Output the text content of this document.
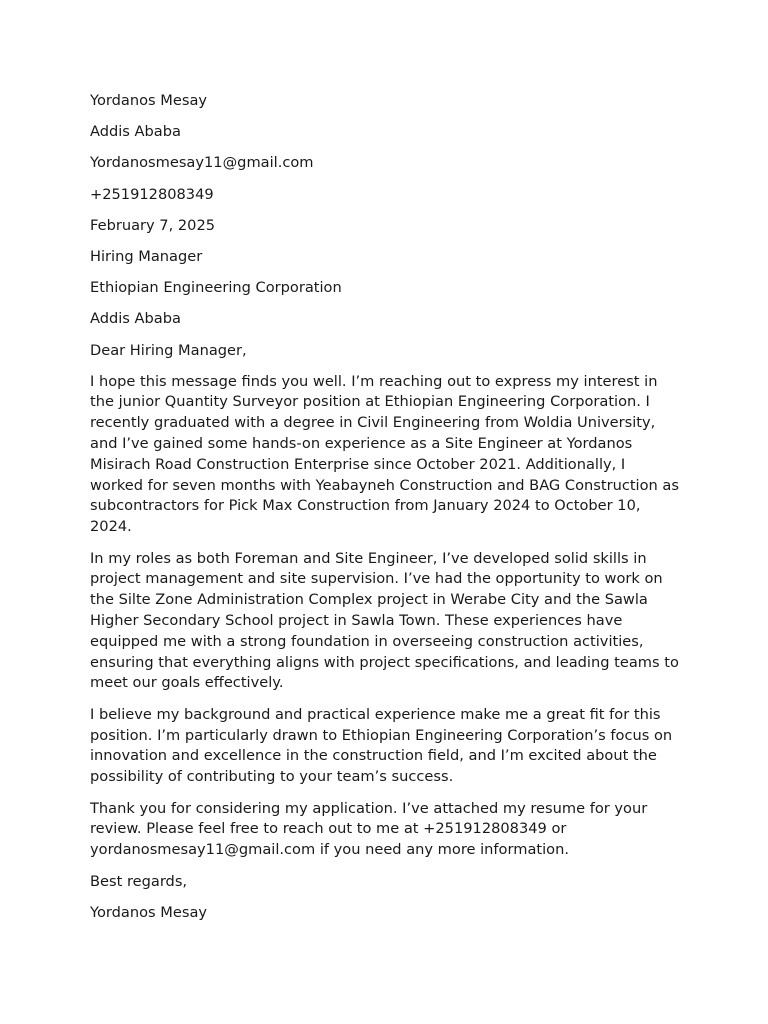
Yordanos Mesay

Addis Ababa

Yordanosmesay11@gmail.com

+251912808349

February 7, 2025

Hiring Manager

Ethiopian Engineering Corporation

Addis Ababa

Dear Hiring Manager,

I hope this message finds you well. I’m reaching out to express my interest in the junior Quantity Surveyor position at Ethiopian Engineering Corporation. I recently graduated with a degree in Civil Engineering from Woldia University, and I’ve gained some hands-on experience as a Site Engineer at Yordanos Misirach Road Construction Enterprise since October 2021. Additionally, I worked for seven months with Yeabayneh Construction and BAG Construction as subcontractors for Pick Max Construction from January 2024 to October 10, 2024.

In my roles as both Foreman and Site Engineer, I’ve developed solid skills in project management and site supervision. I’ve had the opportunity to work on the Silte Zone Administration Complex project in Werabe City and the Sawla Higher Secondary School project in Sawla Town. These experiences have equipped me with a strong foundation in overseeing construction activities, ensuring that everything aligns with project specifications, and leading teams to meet our goals effectively.

I believe my background and practical experience make me a great fit for this position. I’m particularly drawn to Ethiopian Engineering Corporation’s focus on innovation and excellence in the construction field, and I’m excited about the possibility of contributing to your team’s success.

Thank you for considering my application. I’ve attached my resume for your review. Please feel free to reach out to me at +251912808349 or yordanosmesay11@gmail.com if you need any more information.

Best regards,

Yordanos Mesay
